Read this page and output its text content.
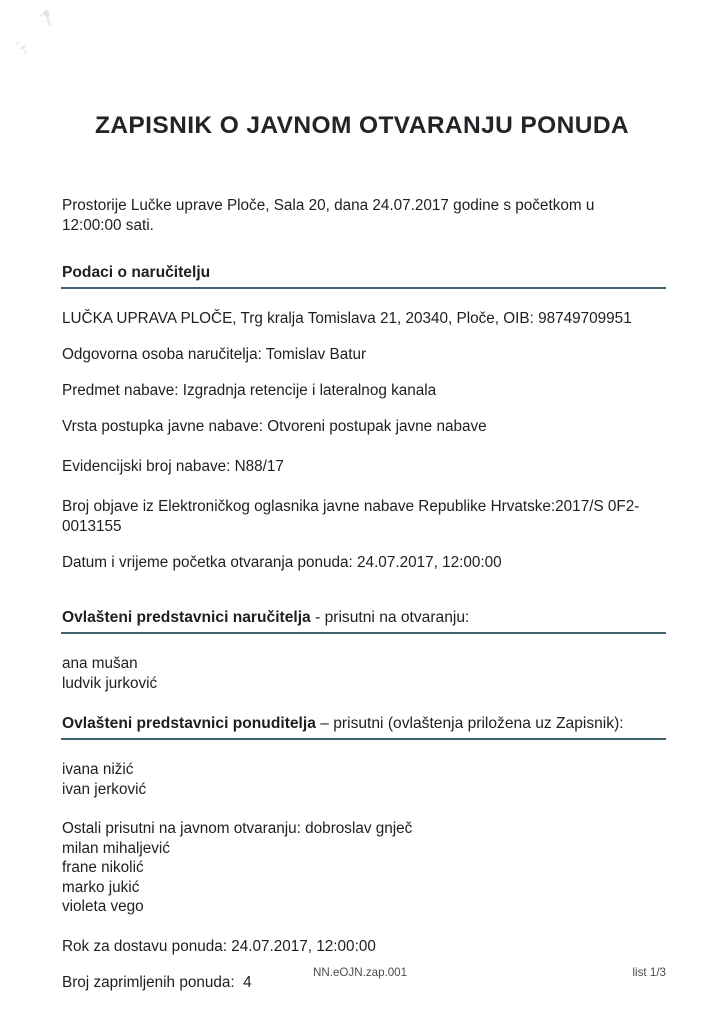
ZAPISNIK O JAVNOM OTVARANJU PONUDA

Prostorije Lučke uprave Ploče, Sala 20, dana 24.07.2017 godine s početkom u 12:00:00 sati.

Podaci o naručitelju

LUČKA UPRAVA PLOČE, Trg kralja Tomislava 21, 20340, Ploče, OIB: 98749709951

Odgovorna osoba naručitelja: Tomislav Batur

Predmet nabave: Izgradnja retencije i lateralnog kanala

Vrsta postupka javne nabave: Otvoreni postupak javne nabave

Evidencijski broj nabave: N88/17

Broj objave iz Elektroničkog oglasnika javne nabave Republike Hrvatske:2017/S 0F2-0013155

Datum i vrijeme početka otvaranja ponuda: 24.07.2017, 12:00:00

Ovlašteni predstavnici naručitelja - prisutni na otvaranju:
ana mušan
ludvik jurković
Ovlašteni predstavnici ponuditelja – prisutni (ovlaštenja priložena uz Zapisnik):
ivana nižić
ivan jerković
Ostali prisutni na javnom otvaranju: dobroslav gnječ
milan mihaljević
frane nikolić
marko jukić
violeta vego

Rok za dostavu ponuda: 24.07.2017, 12:00:00

Broj zaprimljenih ponuda:  4

NN.eOJN.zap.001	list 1/3
